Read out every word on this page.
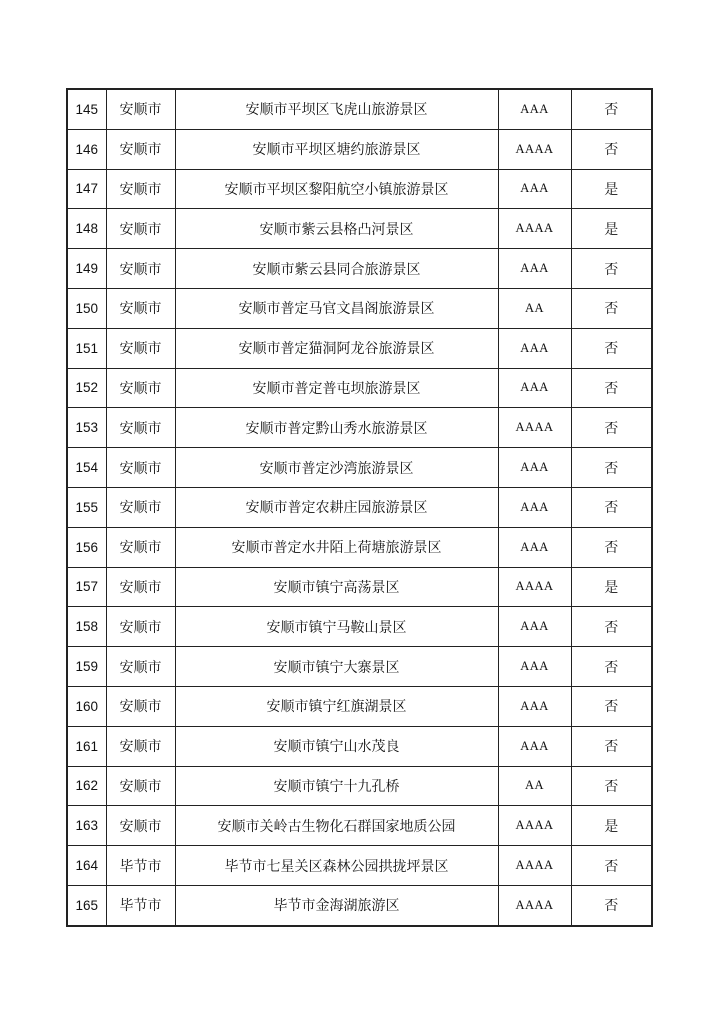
145	安顺市	安顺市平坝区飞虎山旅游景区	AAA	否
146	安顺市	安顺市平坝区塘约旅游景区	AAAA	否
147	安顺市	安顺市平坝区黎阳航空小镇旅游景区	AAA	是
148	安顺市	安顺市紫云县格凸河景区	AAAA	是
149	安顺市	安顺市紫云县同合旅游景区	AAA	否
150	安顺市	安顺市普定马官文昌阁旅游景区	AA	否
151	安顺市	安顺市普定猫洞阿龙谷旅游景区	AAA	否
152	安顺市	安顺市普定普屯坝旅游景区	AAA	否
153	安顺市	安顺市普定黔山秀水旅游景区	AAAA	否
154	安顺市	安顺市普定沙湾旅游景区	AAA	否
155	安顺市	安顺市普定农耕庄园旅游景区	AAA	否
156	安顺市	安顺市普定水井陌上荷塘旅游景区	AAA	否
157	安顺市	安顺市镇宁高荡景区	AAAA	是
158	安顺市	安顺市镇宁马鞍山景区	AAA	否
159	安顺市	安顺市镇宁大寨景区	AAA	否
160	安顺市	安顺市镇宁红旗湖景区	AAA	否
161	安顺市	安顺市镇宁山水茂良	AAA	否
162	安顺市	安顺市镇宁十九孔桥	AA	否
163	安顺市	安顺市关岭古生物化石群国家地质公园	AAAA	是
164	毕节市	毕节市七星关区森林公园拱拢坪景区	AAAA	否
165	毕节市	毕节市金海湖旅游区	AAAA	否
